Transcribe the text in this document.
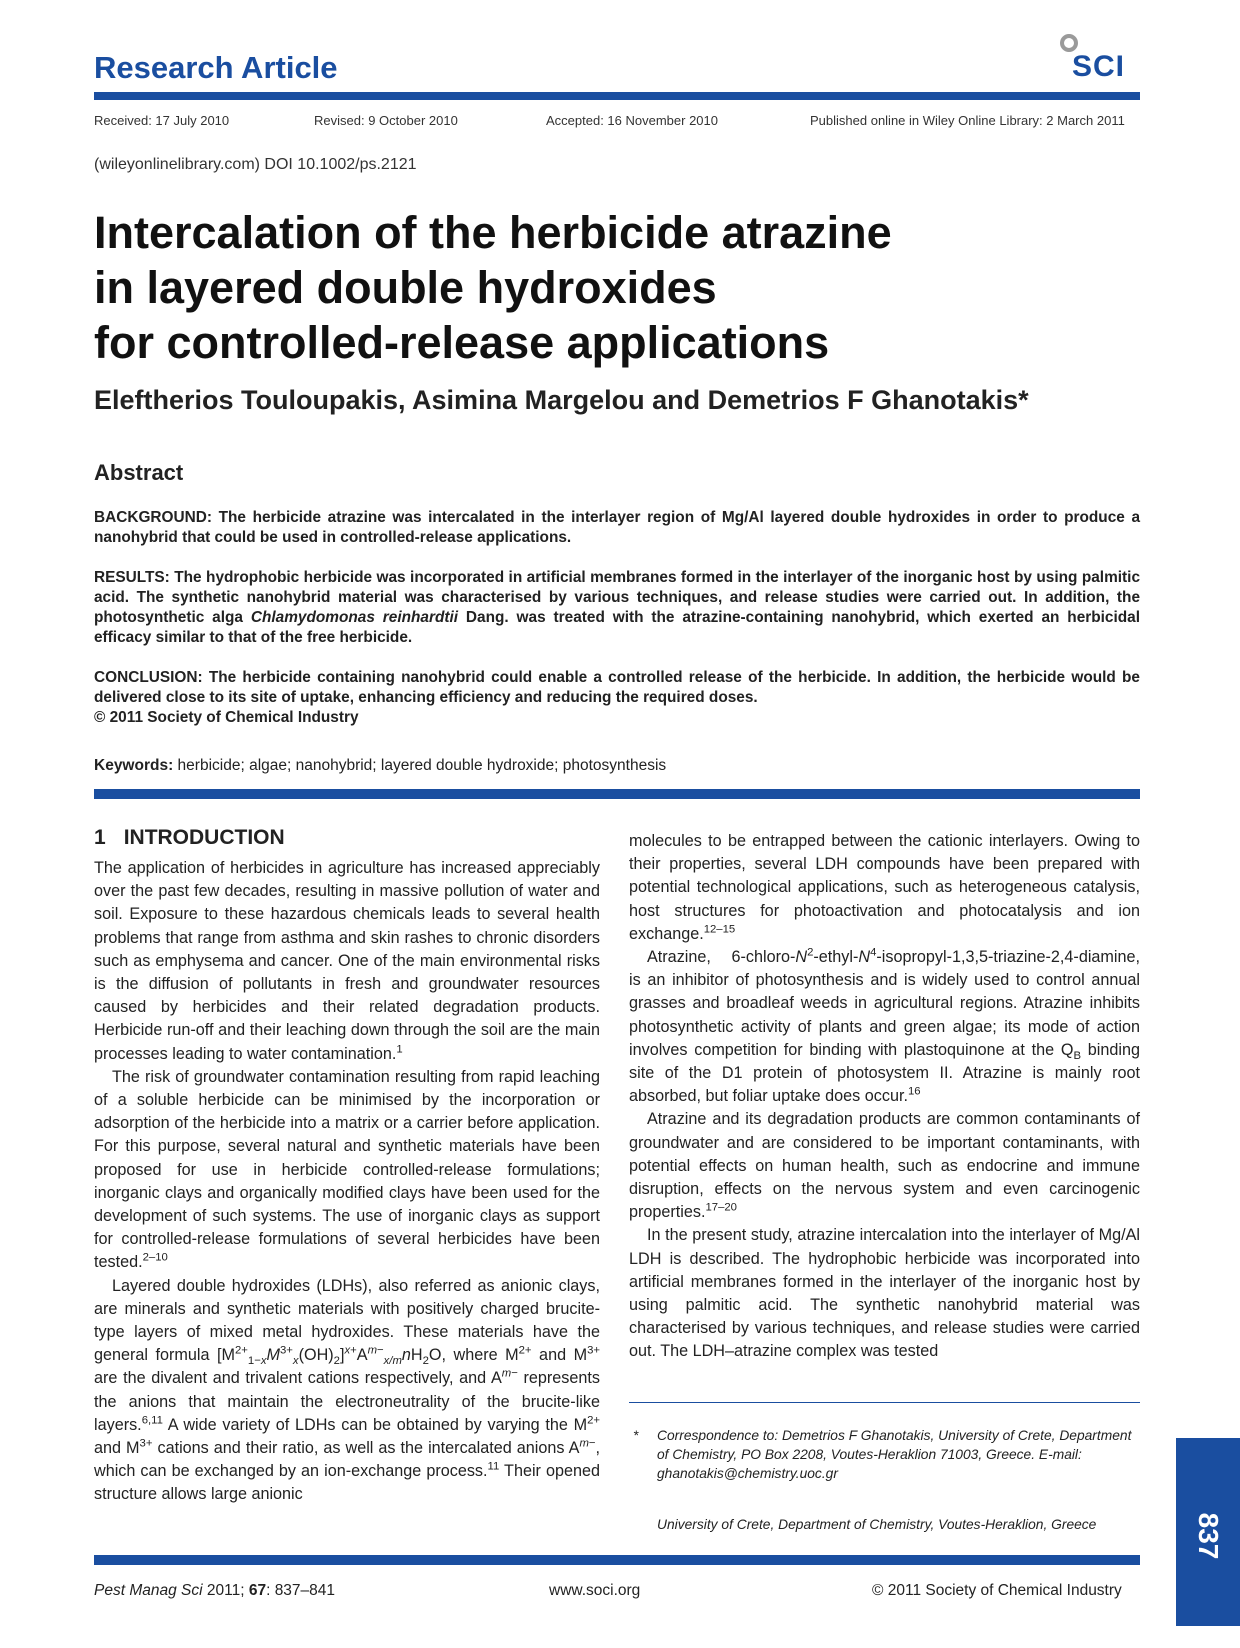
Research Article	SCI
Received: 17 July 2010	Revised: 9 October 2010	Accepted: 16 November 2010	Published online in Wiley Online Library: 2 March 2011
(wileyonlinelibrary.com) DOI 10.1002/ps.2121
Intercalation of the herbicide atrazine
in layered double hydroxides
for controlled-release applications
Eleftherios Touloupakis, Asimina Margelou and Demetrios F Ghanotakis*
Abstract
BACKGROUND: The herbicide atrazine was intercalated in the interlayer region of Mg/Al layered double hydroxides in order to produce a nanohybrid that could be used in controlled-release applications.
RESULTS: The hydrophobic herbicide was incorporated in artificial membranes formed in the interlayer of the inorganic host by using palmitic acid. The synthetic nanohybrid material was characterised by various techniques, and release studies were carried out. In addition, the photosynthetic alga Chlamydomonas reinhardtii Dang. was treated with the atrazine-containing nanohybrid, which exerted an herbicidal efficacy similar to that of the free herbicide.
CONCLUSION: The herbicide containing nanohybrid could enable a controlled release of the herbicide. In addition, the herbicide would be delivered close to its site of uptake, enhancing efficiency and reducing the required doses.
© 2011 Society of Chemical Industry
Keywords: herbicide; algae; nanohybrid; layered double hydroxide; photosynthesis
1 INTRODUCTION

The application of herbicides in agriculture has increased appreciably over the past few decades, resulting in massive pollution of water and soil. Exposure to these hazardous chemicals leads to several health problems that range from asthma and skin rashes to chronic disorders such as emphysema and cancer. One of the main environmental risks is the diffusion of pollutants in fresh and groundwater resources caused by herbicides and their related degradation products. Herbicide run-off and their leaching down through the soil are the main processes leading to water contamination.$^1$

The risk of groundwater contamination resulting from rapid leaching of a soluble herbicide can be minimised by the incorporation or adsorption of the herbicide into a matrix or a carrier before application. For this purpose, several natural and synthetic materials have been proposed for use in herbicide controlled-release formulations; inorganic clays and organically modified clays have been used for the development of such systems. The use of inorganic clays as support for controlled-release formulations of several herbicides have been tested.$^{2-10}$

Layered double hydroxides (LDHs), also referred as anionic clays, are minerals and synthetic materials with positively charged brucite-type layers of mixed metal hydroxides. These materials have the general formula $[M^{2+}_{1-x}M^{3+}_x(OH)_2]^{x+}A^{m-}_{x/m}nH_2O$, where $M^{2+}$ and $M^{3+}$ are the divalent and trivalent cations respectively, and $A^{m-}$ represents the anions that maintain the electroneutrality of the brucite-like layers.$^{6,11}$ A wide variety of LDHs can be obtained by varying the $M^{2+}$ and $M^{3+}$ cations and their ratio, as well as the intercalated anions $A^{m-}$, which can be exchanged by an ion-exchange process.$^{11}$ Their opened structure allows large anionic

molecules to be entrapped between the cationic interlayers. Owing to their properties, several LDH compounds have been prepared with potential technological applications, such as heterogeneous catalysis, host structures for photoactivation and photocatalysis and ion exchange.$^{12-15}$

Atrazine, $6-chloro-N^2-ethyl-N^4-isopropyl-1,3,5-triazine-2,4$-diamine, is an inhibitor of photosynthesis and is widely used to control annual grasses and broadleaf weeds in agricultural regions. Atrazine inhibits photosynthetic activity of plants and green algae; its mode of action involves competition for binding with plastoquinone at the $Q_B$ binding site of the D1 protein of photosystem II. Atrazine is mainly root absorbed, but foliar uptake does occur.$^{16}$

Atrazine and its degradation products are common contaminants of groundwater and are considered to be important contaminants, with potential effects on human health, such as endocrine and immune disruption, effects on the nervous system and even carcinogenic properties.$^{17-20}$

In the present study, atrazine intercalation into the interlayer of Mg/Al LDH is described. The hydrophobic herbicide was incorporated into artificial membranes formed in the interlayer of the inorganic host by using palmitic acid. The synthetic nanohybrid material was characterised by various techniques, and release studies were carried out. The LDH–atrazine complex was tested

* Correspondence to: Demetrios F Ghanotakis, University of Crete, Department of Chemistry, PO Box 2208, Voutes-Heraklion 71003, Greece. E-mail: ghanotakis@chemistry.uoc.gr
University of Crete, Department of Chemistry, Voutes-Heraklion, Greece	837
Pest Manag Sci 2011; 67: 837–841	www.soci.org	© 2011 Society of Chemical Industry
